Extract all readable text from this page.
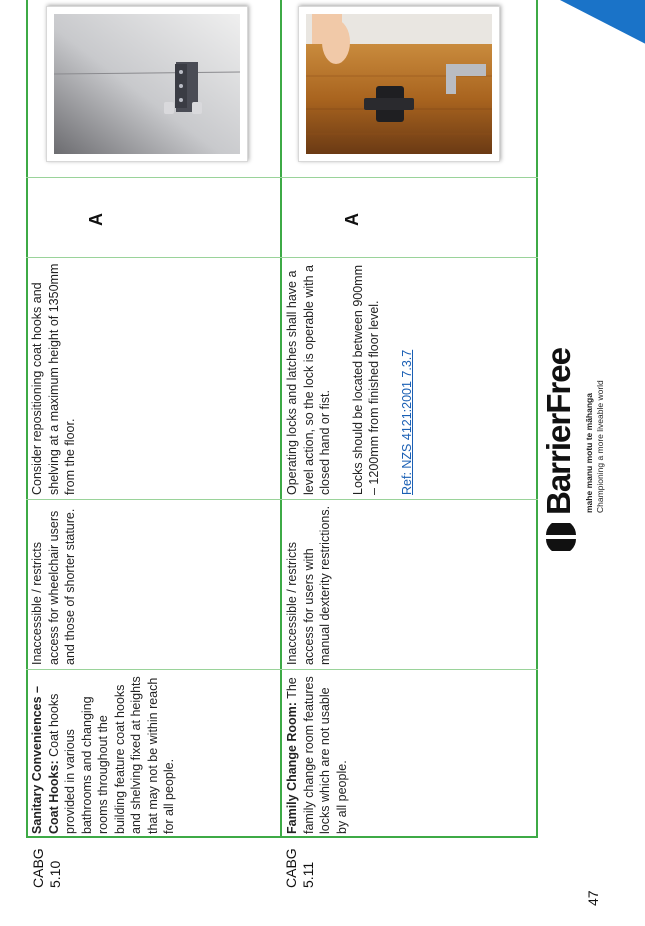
47
CABG 5.10	CABG 5.11

Sanitary Conveniences – Coat Hooks: Coat hooks provided in various bathrooms and changing rooms throughout the building feature coat hooks and shelving fixed at heights that may not be within reach for all people.

Inaccessible / restricts access for wheelchair users and those of shorter stature.

Consider repositioning coat hooks and shelving at a maximum height of 1350mm from the floor.

A

Family Change Room: The family change room features locks which are not usable by all people.

Inaccessible / restricts access for users with manual dexterity restrictions.

Operating locks and latches shall have a level action, so the lock is operable with a closed hand or fist. Locks should be located between 900mm – 1200mm from finished floor level. Ref: NZS 4121:2001 7.3.7

A
BarrierFree mahe manu motu te māhanga Championing a more liveable world
